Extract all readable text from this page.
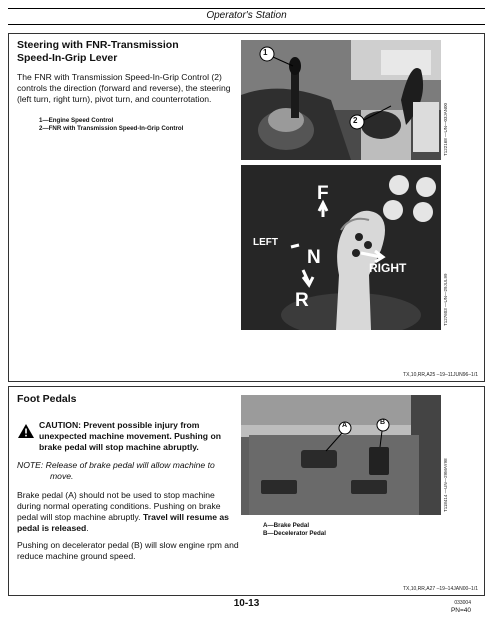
Operator's Station
Steering with FNR-Transmission
Speed-In-Grip Lever
The FNR with Transmission Speed-In-Grip Control (2)
controls the direction (forward and reverse), the steering
(left turn, right turn), pivot turn, and counterrotation.
1—Engine Speed Control
2—FNR with Transmission Speed-In-Grip Control
1
2	T122168 —UN—03JAN00
F
N
R
LEFT
RIGHT
T127603 —UN—29JUL99
TX,10,RR,A25 –19–11JUN96–1/1
Foot Pedals
CAUTION: Prevent possible injury from
unexpected machine movement. Pushing on
brake pedal will stop machine abruptly.
NOTE: Release of brake pedal will allow machine to
move.
Brake pedal (A) should not be used to stop machine
during normal operating conditions. Pushing on brake
pedal will stop machine abruptly. Travel will resume as
pedal is released.
Pushing on decelerator pedal (B) will slow engine rpm and
reduce machine ground speed.
A	B
T118414 —UN—29MAY98
A—Brake Pedal
B—Decelerator Pedal
TX,10,RR,A27 –19–14JAN00–1/1
10-13	033004
PN=40
